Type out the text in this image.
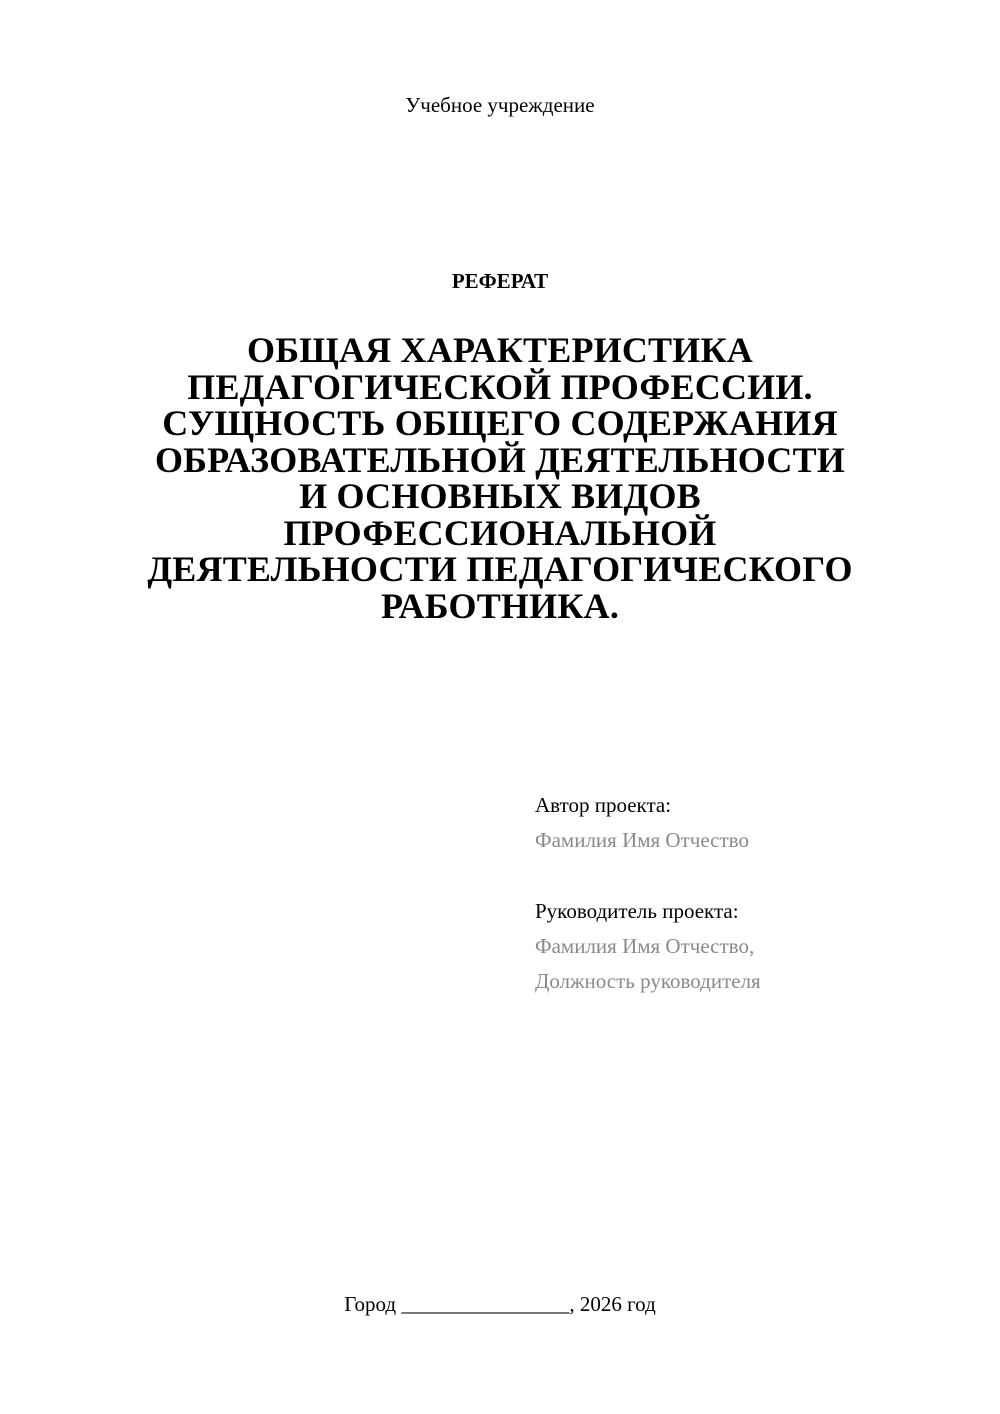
Учебное учреждение
РЕФЕРАТ
ОБЩАЯ ХАРАКТЕРИСТИКА
ПЕДАГОГИЧЕСКОЙ ПРОФЕССИИ.
СУЩНОСТЬ ОБЩЕГО СОДЕРЖАНИЯ
ОБРАЗОВАТЕЛЬНОЙ ДЕЯТЕЛЬНОСТИ
И ОСНОВНЫХ ВИДОВ
ПРОФЕССИОНАЛЬНОЙ
ДЕЯТЕЛЬНОСТИ ПЕДАГОГИЧЕСКОГО
РАБОТНИКА.
Автор проекта:
Фамилия Имя Отчество
Руководитель проекта:
Фамилия Имя Отчество,
Должность руководителя
Город ________________, 2026 год
